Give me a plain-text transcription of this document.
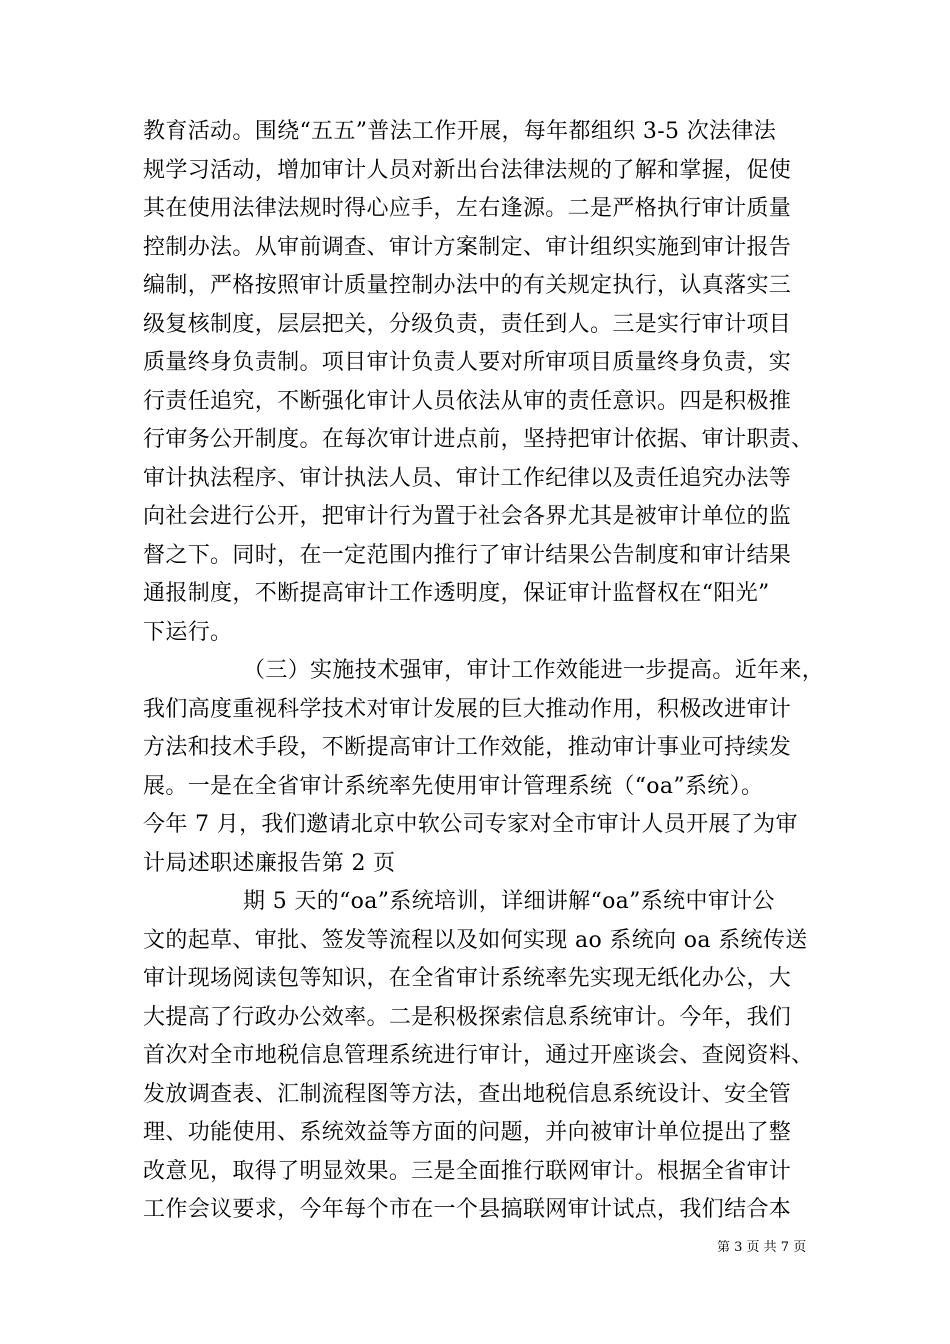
教育活动。围绕“五五”普法工作开展，每年都组织 3-5 次法律法
规学习活动，增加审计人员对新出台法律法规的了解和掌握，促使
其在使用法律法规时得心应手，左右逢源。二是严格执行审计质量
控制办法。从审前调查、审计方案制定、审计组织实施到审计报告
编制，严格按照审计质量控制办法中的有关规定执行，认真落实三
级复核制度，层层把关，分级负责，责任到人。三是实行审计项目
质量终身负责制。项目审计负责人要对所审项目质量终身负责，实
行责任追究，不断强化审计人员依法从审的责任意识。四是积极推
行审务公开制度。在每次审计进点前，坚持把审计依据、审计职责、
审计执法程序、审计执法人员、审计工作纪律以及责任追究办法等
向社会进行公开，把审计行为置于社会各界尤其是被审计单位的监
督之下。同时，在一定范围内推行了审计结果公告制度和审计结果
通报制度，不断提高审计工作透明度，保证审计监督权在“阳光”
下运行。
（三）实施技术强审，审计工作效能进一步提高。近年来，
我们高度重视科学技术对审计发展的巨大推动作用，积极改进审计
方法和技术手段，不断提高审计工作效能，推动审计事业可持续发
展。一是在全省审计系统率先使用审计管理系统（“oa”系统）。
今年 7 月，我们邀请北京中软公司专家对全市审计人员开展了为审
计局述职述廉报告第 2 页
期 5 天的“oa”系统培训，详细讲解“oa”系统中审计公
文的起草、审批、签发等流程以及如何实现 ao 系统向 oa 系统传送
审计现场阅读包等知识，在全省审计系统率先实现无纸化办公，大
大提高了行政办公效率。二是积极探索信息系统审计。今年，我们
首次对全市地税信息管理系统进行审计，通过开座谈会、查阅资料、
发放调查表、汇制流程图等方法，查出地税信息系统设计、安全管
理、功能使用、系统效益等方面的问题，并向被审计单位提出了整
改意见，取得了明显效果。三是全面推行联网审计。根据全省审计
工作会议要求，今年每个市在一个县搞联网审计试点，我们结合本
第 3 页 共 7 页
